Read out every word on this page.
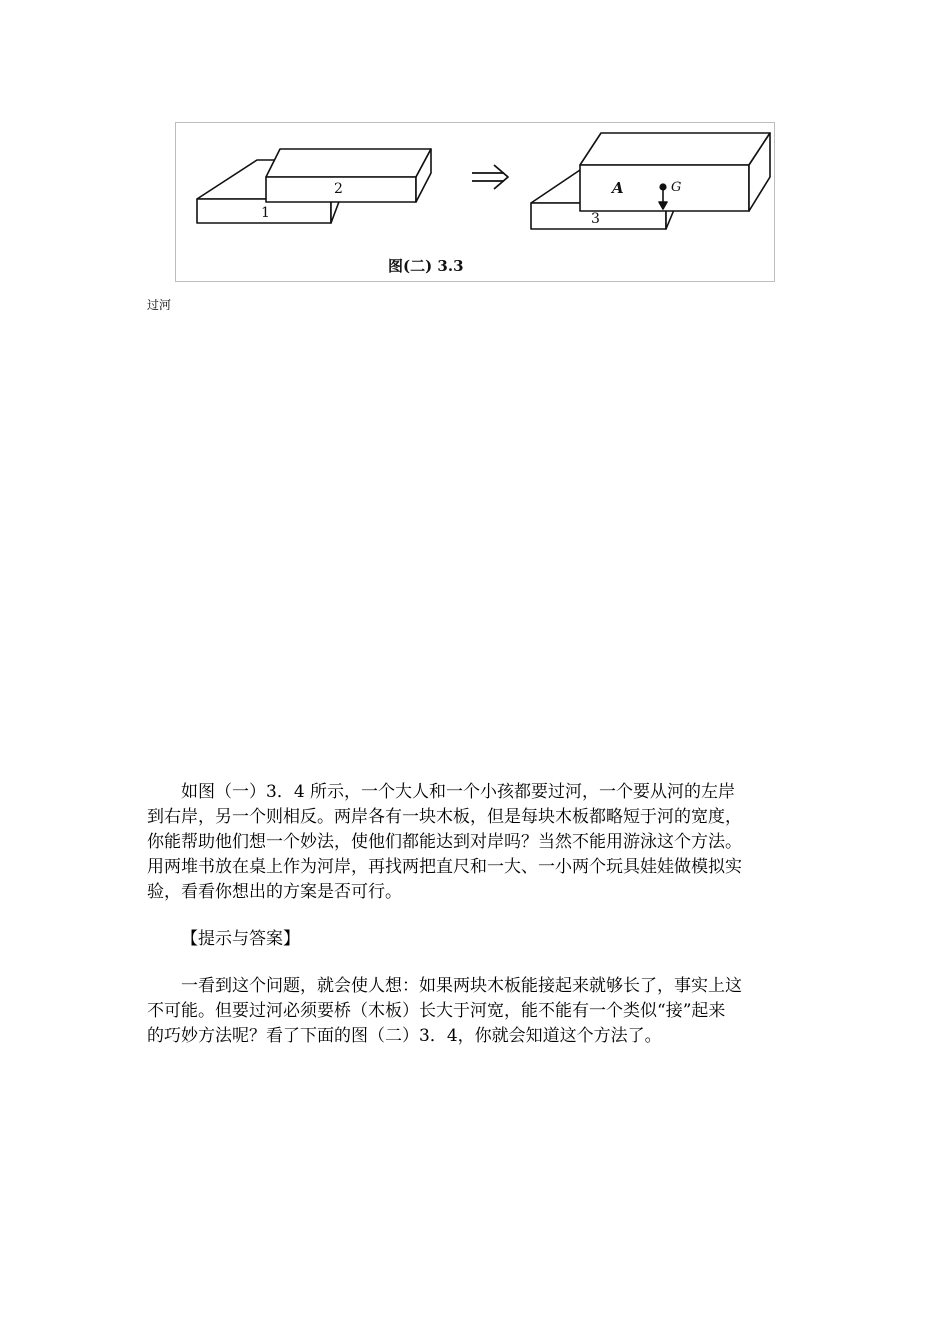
2
1	3
A	G
图(二) 3.3
过河
如图（一）3．4 所示，一个大人和一个小孩都要过河，一个要从河的左岸
到右岸，另一个则相反。两岸各有一块木板，但是每块木板都略短于河的宽度，
你能帮助他们想一个妙法，使他们都能达到对岸吗？当然不能用游泳这个方法。
用两堆书放在桌上作为河岸，再找两把直尺和一大、一小两个玩具娃娃做模拟实
验，看看你想出的方案是否可行。
【提示与答案】
一看到这个问题，就会使人想：如果两块木板能接起来就够长了，事实上这
不可能。但要过河必须要桥（木板）长大于河宽，能不能有一个类似“接”起来
的巧妙方法呢？看了下面的图（二）3．4，你就会知道这个方法了。
